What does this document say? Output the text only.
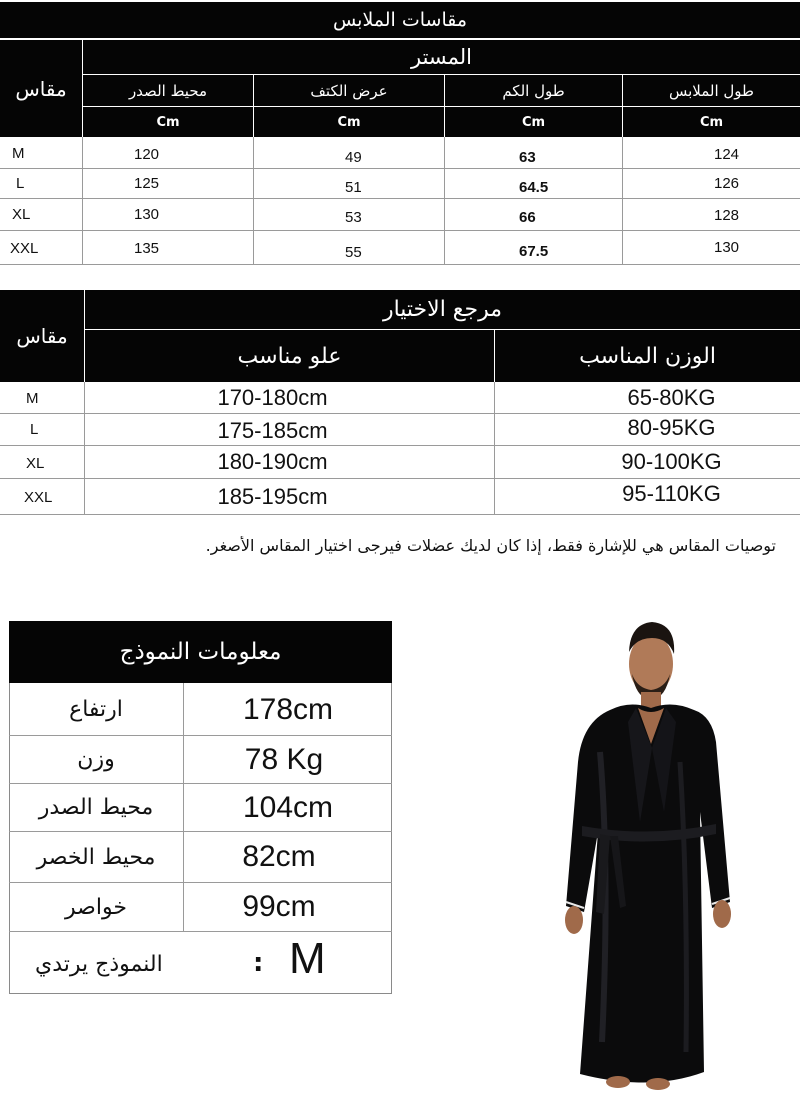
مقاسات الملابس
مقاس
المستر
محيط الصدر	عرض الكتف	طول الكم	طول الملابس
Cm	Cm	Cm	Cm
M	120	49	63	124
L	125	51	64.5	126
XL	130	53	66	128
XXL	135	55	67.5	130
مقاس
مرجع الاختيار
علو مناسب	الوزن المناسب
M	170-180cm	65-80KG
L	175-185cm	80-95KG
XL	180-190cm	90-100KG
XXL	185-195cm	95-110KG
توصيات المقاس هي للإشارة فقط، إذا كان لديك عضلات فيرجى اختيار المقاس الأصغر.
معلومات النموذج
ارتفاع	178cm
وزن	78 Kg
محيط الصدر	104cm
محيط الخصر	82cm
خواصر	99cm
النموذج يرتدي	: M
